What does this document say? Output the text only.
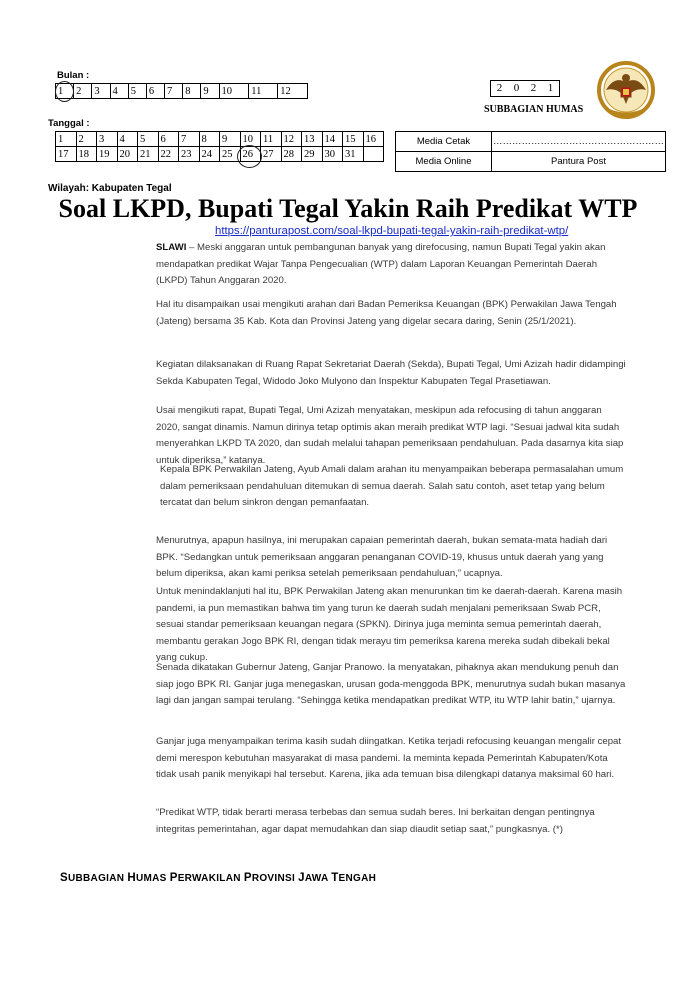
Bulan :
1	2	3	4	5	6	7	8	9	10	11	12	2	0	2	1
SUBBAGIAN HUMAS
Tanggal :
1	2	3	4	5	6	7	8	9	10	11	12	13	14	15	16
17	18	19	20	21	22	23	24	25	26	27	28	29	30	31	
Media Cetak	………………………………………………
Media Online	Pantura Post
Wilayah: Kabupaten Tegal
Soal LKPD, Bupati Tegal Yakin Raih Predikat WTP
https://panturapost.com/soal-lkpd-bupati-tegal-yakin-raih-predikat-wtp/
SLAWI – Meski anggaran untuk pembangunan banyak yang direfocusing, namun Bupati Tegal yakin akan mendapatkan predikat Wajar Tanpa Pengecualian (WTP) dalam Laporan Keuangan Pemerintah Daerah (LKPD) Tahun Anggaran 2020.
Hal itu disampaikan usai mengikuti arahan dari Badan Pemeriksa Keuangan (BPK) Perwakilan Jawa Tengah (Jateng) bersama 35 Kab. Kota dan Provinsi Jateng yang digelar secara daring, Senin (25/1/2021).
Kegiatan dilaksanakan di Ruang Rapat Sekretariat Daerah (Sekda), Bupati Tegal, Umi Azizah hadir didampingi Sekda Kabupaten Tegal, Widodo Joko Mulyono dan Inspektur Kabupaten Tegal Prasetiawan.
Usai mengikuti rapat, Bupati Tegal, Umi Azizah menyatakan, meskipun ada refocusing di tahun anggaran 2020, sangat dinamis. Namun dirinya tetap optimis akan meraih predikat WTP lagi. “Sesuai jadwal kita sudah menyerahkan LKPD TA 2020, dan sudah melalui tahapan pemeriksaan pendahuluan. Pada dasarnya kita siap untuk diperiksa,” katanya.
Kepala BPK Perwakilan Jateng, Ayub Amali dalam arahan itu menyampaikan beberapa permasalahan umum dalam pemeriksaan pendahuluan ditemukan di semua daerah. Salah satu contoh, aset tetap yang belum tercatat dan belum sinkron dengan pemanfaatan.
Menurutnya, apapun hasilnya, ini merupakan capaian pemerintah daerah, bukan semata-mata hadiah dari BPK. “Sedangkan untuk pemeriksaan anggaran penanganan COVID-19, khusus untuk daerah yang yang belum diperiksa, akan kami periksa setelah pemeriksaan pendahuluan,” ucapnya.
Untuk menindaklanjuti hal itu, BPK Perwakilan Jateng akan menurunkan tim ke daerah-daerah. Karena masih pandemi, ia pun memastikan bahwa tim yang turun ke daerah sudah menjalani pemeriksaan Swab PCR, sesuai standar pemeriksaan keuangan negara (SPKN). Dirinya juga meminta semua pemerintah daerah, membantu gerakan Jogo BPK RI, dengan tidak merayu tim pemeriksa karena mereka sudah dibekali bekal yang cukup.
Senada dikatakan Gubernur Jateng, Ganjar Pranowo. Ia menyatakan, pihaknya akan mendukung penuh dan siap jogo BPK RI. Ganjar juga menegaskan, urusan goda-menggoda BPK, menurutnya sudah bukan masanya lagi dan jangan sampai terulang. “Sehingga ketika mendapatkan predikat WTP, itu WTP lahir batin,” ujarnya.
Ganjar juga menyampaikan terima kasih sudah diingatkan. Ketika terjadi refocusing keuangan mengalir cepat demi merespon kebutuhan masyarakat di masa pandemi. Ia meminta kepada Pemerintah Kabupaten/Kota tidak usah panik menyikapi hal tersebut. Karena, jika ada temuan bisa dilengkapi datanya maksimal 60 hari.
“Predikat WTP, tidak berarti merasa terbebas dan semua sudah beres. Ini berkaitan dengan pentingnya integritas pemerintahan, agar dapat memudahkan dan siap diaudit setiap saat,” pungkasnya. (*)
SUBBAGIAN HUMAS PERWAKILAN PROVINSI JAWA TENGAH
